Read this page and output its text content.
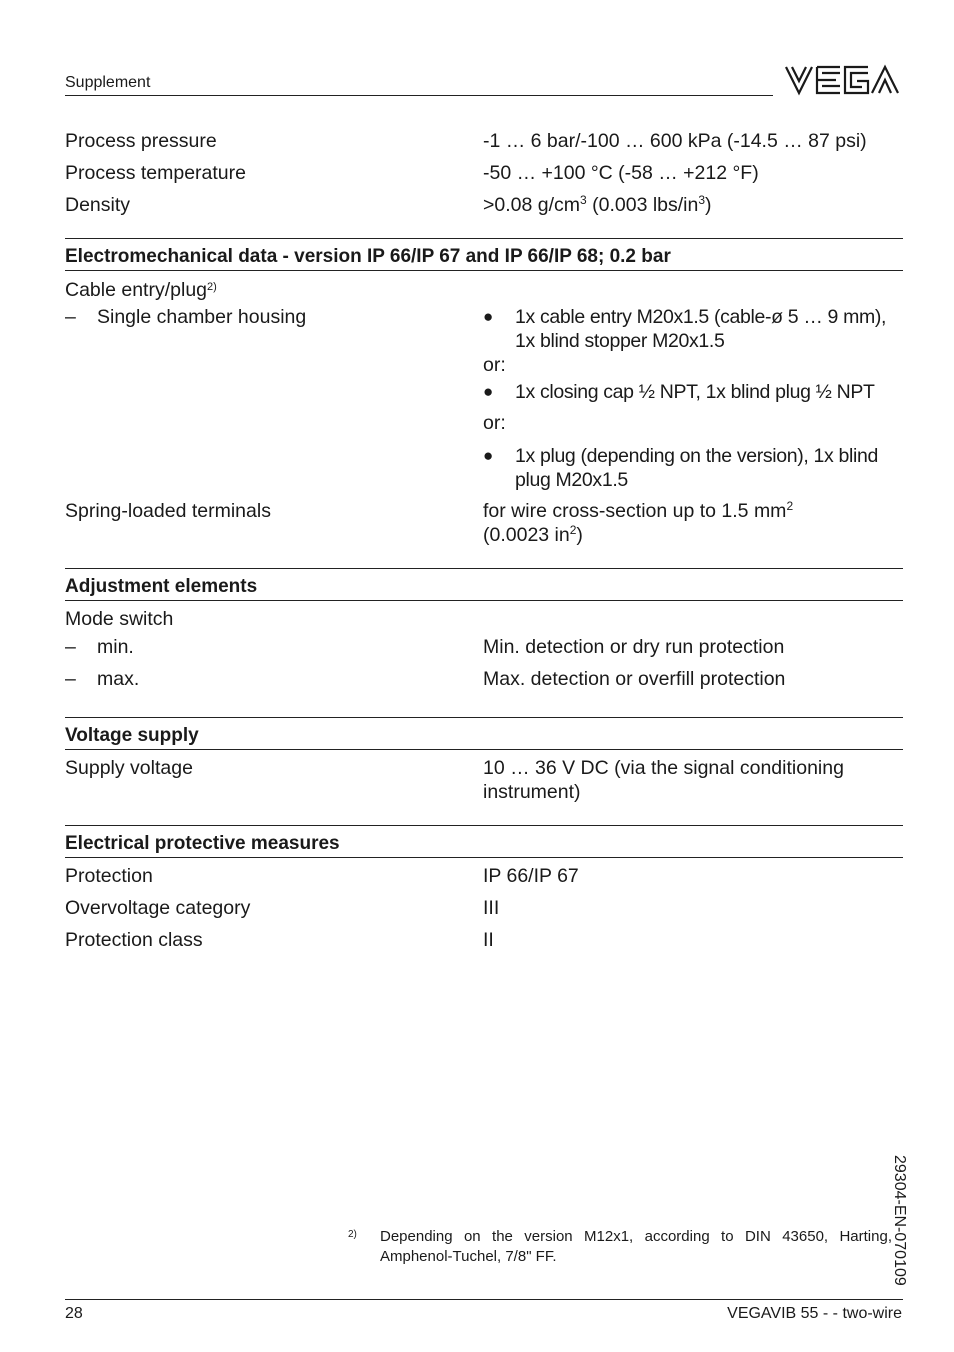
Supplement
Process pressure	-1 … 6 bar/-100 … 600 kPa (-14.5 … 87 psi)
Process temperature	-50 … +100 °C (-58 … +212 °F)
Density	>0.08 $g/cm^3$ (0.003 lbs/$in^3$)
Electromechanical data - version IP 66/IP 67 and IP 66/IP 68; 0.2 bar
Cable entry/plug$^{2)}$
– Single chamber housing	● 1x cable entry M20x1.5 (cable-ø 5 … 9 mm),
1x blind stopper M20x1.5
or:
● 1x closing cap ½ NPT, 1x blind plug ½ NPT
or:
● 1x plug (depending on the version), 1x blind
plug M20x1.5
Spring-loaded terminals	for wire cross-section up to 1.5 $mm^2$
(0.0023 $in^2$)
Adjustment elements
Mode switch
– min.	Min. detection or dry run protection
– max.	Max. detection or overfill protection
Voltage supply
Supply voltage	10 … 36 V DC (via the signal conditioning
instrument)
Electrical protective measures
Protection	IP 66/IP 67
Overvoltage category	III
Protection class	II
29304-EN-070109
2) Depending on the version M12x1, according to DIN 43650, Harting, Amphenol-Tuchel, 7/8" FF.
28	VEGAVIB 55 - - two-wire
